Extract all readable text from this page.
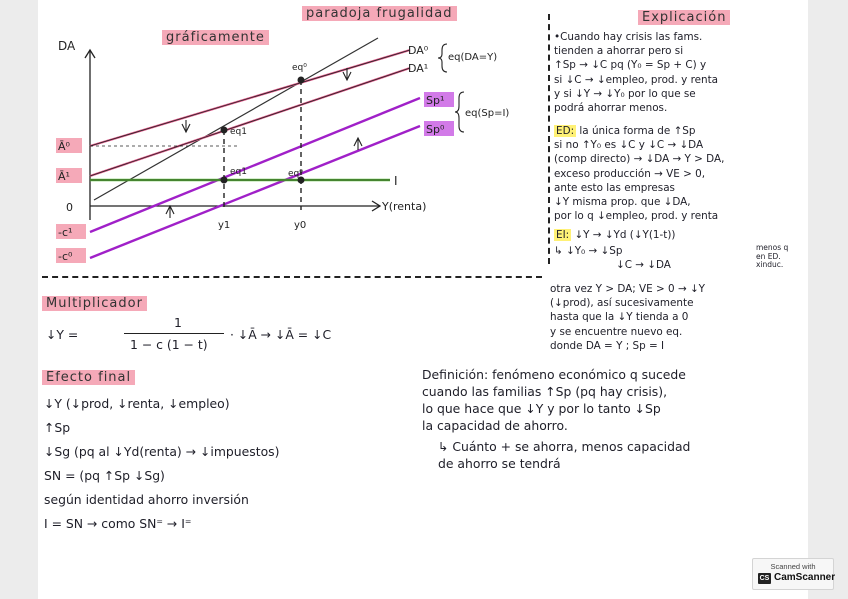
paradoja frugalidad
gráficamente
Explicación
DA
Y(renta)
0
Ā⁰
Ā¹
-c¹
-c⁰
DA⁰
DA¹
Sp¹
Sp⁰
I
eq(DA=Y)
eq(Sp=I)
eq⁰
eq1
eq1	eq⁰
y1	y0
•Cuando hay crisis las fams.
tienden a ahorrar pero si
↑Sp → ↓C pq (Y₀ = Sp + C) y
si ↓C → ↓empleo, prod. y renta
y si ↓Y → ↓Y₀ por lo que se
podrá ahorrar menos.
ED: la única forma de ↑Sp
si no ↑Y₀ es ↓C y ↓C → ↓DA
(comp directo) → ↓DA → Y > DA,
exceso producción → VE > 0,
ante esto las empresas
↓Y misma prop. que ↓DA,
por lo q ↓empleo, prod. y renta
EI: ↓Y → ↓Yd (↓Y(1-t))
↳ ↓Y₀ → ↓Sp
↓C → ↓DA
menos q
en ED.
xinduc.
otra vez Y > DA; VE > 0 → ↓Y
(↓prod), así sucesivamente
hasta que la ↓Y tienda a 0
y se encuentre nuevo eq.
donde DA = Y ; Sp = I
Multiplicador
↓Y =
1
1 − c (1 − t)
· ↓Ā → ↓Ā = ↓C
Efecto final
↓Y (↓prod, ↓renta, ↓empleo)
↑Sp
↓Sg (pq al ↓Yd(renta) → ↓impuestos)
SN = (pq ↑Sp ↓Sg)
según identidad ahorro inversión
I = SN → como SN⁼ → I⁼
Definición: fenómeno económico q sucede
cuando las familias ↑Sp (pq hay crisis),
lo que hace que ↓Y y por lo tanto ↓Sp
la capacidad de ahorro.
↳ Cuánto + se ahorra, menos capacidad
de ahorro se tendrá
Scanned with
CS CamScanner
